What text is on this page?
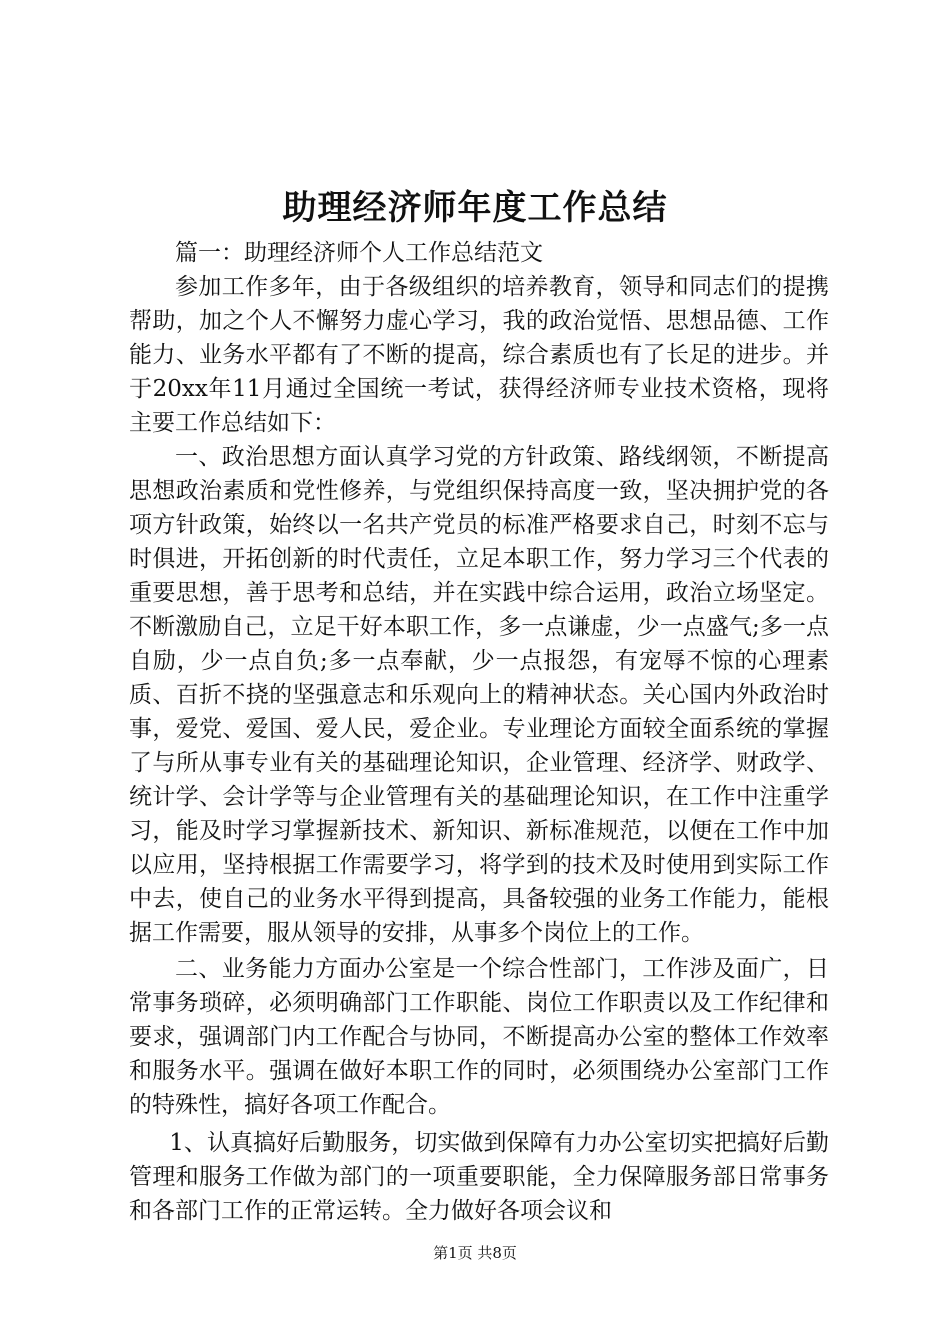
助理经济师年度工作总结

篇一：助理经济师个人工作总结范文

参加工作多年，由于各级组织的培养教育，领导和同志们的提携帮助，加之个人不懈努力虚心学习，我的政治觉悟、思想品德、工作能力、业务水平都有了不断的提高，综合素质也有了长足的进步。并于20xx年11月通过全国统一考试，获得经济师专业技术资格，现将主要工作总结如下：

一、政治思想方面认真学习党的方针政策、路线纲领，不断提高思想政治素质和党性修养，与党组织保持高度一致，坚决拥护党的各项方针政策，始终以一名共产党员的标准严格要求自己，时刻不忘与时俱进，开拓创新的时代责任，立足本职工作，努力学习三个代表的重要思想，善于思考和总结，并在实践中综合运用，政治立场坚定。不断激励自己，立足干好本职工作，多一点谦虚，少一点盛气;多一点自励，少一点自负;多一点奉献，少一点报怨，有宠辱不惊的心理素质、百折不挠的坚强意志和乐观向上的精神状态。关心国内外政治时事，爱党、爱国、爱人民，爱企业。专业理论方面较全面系统的掌握了与所从事专业有关的基础理论知识，企业管理、经济学、财政学、统计学、会计学等与企业管理有关的基础理论知识，在工作中注重学习，能及时学习掌握新技术、新知识、新标准规范，以便在工作中加以应用，坚持根据工作需要学习，将学到的技术及时使用到实际工作中去，使自己的业务水平得到提高，具备较强的业务工作能力，能根据工作需要，服从领导的安排，从事多个岗位上的工作。

二、业务能力方面办公室是一个综合性部门，工作涉及面广，日常事务琐碎，必须明确部门工作职能、岗位工作职责以及工作纪律和要求，强调部门内工作配合与协同，不断提高办公室的整体工作效率和服务水平。强调在做好本职工作的同时，必须围绕办公室部门工作的特殊性，搞好各项工作配合。

1、认真搞好后勤服务，切实做到保障有力办公室切实把搞好后勤管理和服务工作做为部门的一项重要职能，全力保障服务部日常事务和各部门工作的正常运转。全力做好各项会议和

第1页 共8页
